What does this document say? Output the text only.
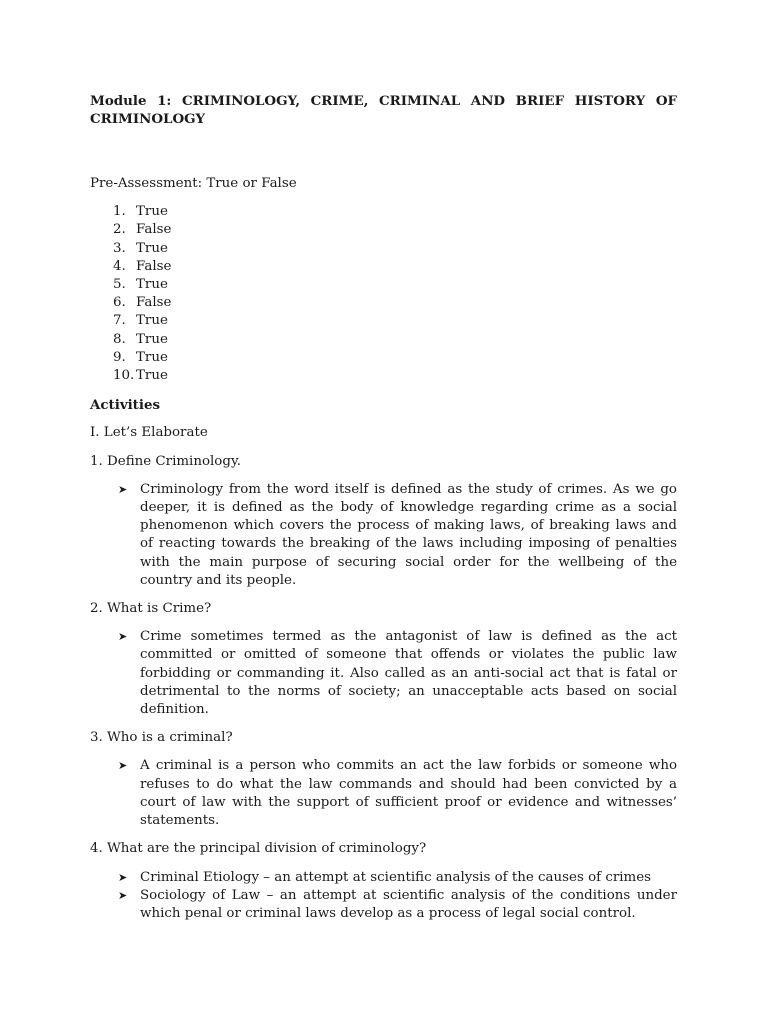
Module 1: CRIMINOLOGY, CRIME, CRIMINAL AND BRIEF HISTORY OF CRIMINOLOGY

Pre-Assessment: True or False
1. True
2. False
3. True
4. False
5. True
6. False
7. True
8. True
9. True
10. True
Activities
I. Let’s Elaborate
1. Define Criminology.
➤ Criminology from the word itself is defined as the study of crimes. As we go deeper, it is defined as the body of knowledge regarding crime as a social phenomenon which covers the process of making laws, of breaking laws and of reacting towards the breaking of the laws including imposing of penalties with the main purpose of securing social order for the wellbeing of the country and its people.
2. What is Crime?
➤ Crime sometimes termed as the antagonist of law is defined as the act committed or omitted of someone that offends or violates the public law forbidding or commanding it. Also called as an anti-social act that is fatal or detrimental to the norms of society; an unacceptable acts based on social definition.
3. Who is a criminal?
➤ A criminal is a person who commits an act the law forbids or someone who refuses to do what the law commands and should had been convicted by a court of law with the support of sufficient proof or evidence and witnesses’ statements.
4. What are the principal division of criminology?
➤ Criminal Etiology – an attempt at scientific analysis of the causes of crimes
➤ Sociology of Law – an attempt at scientific analysis of the conditions under which penal or criminal laws develop as a process of legal social control.
